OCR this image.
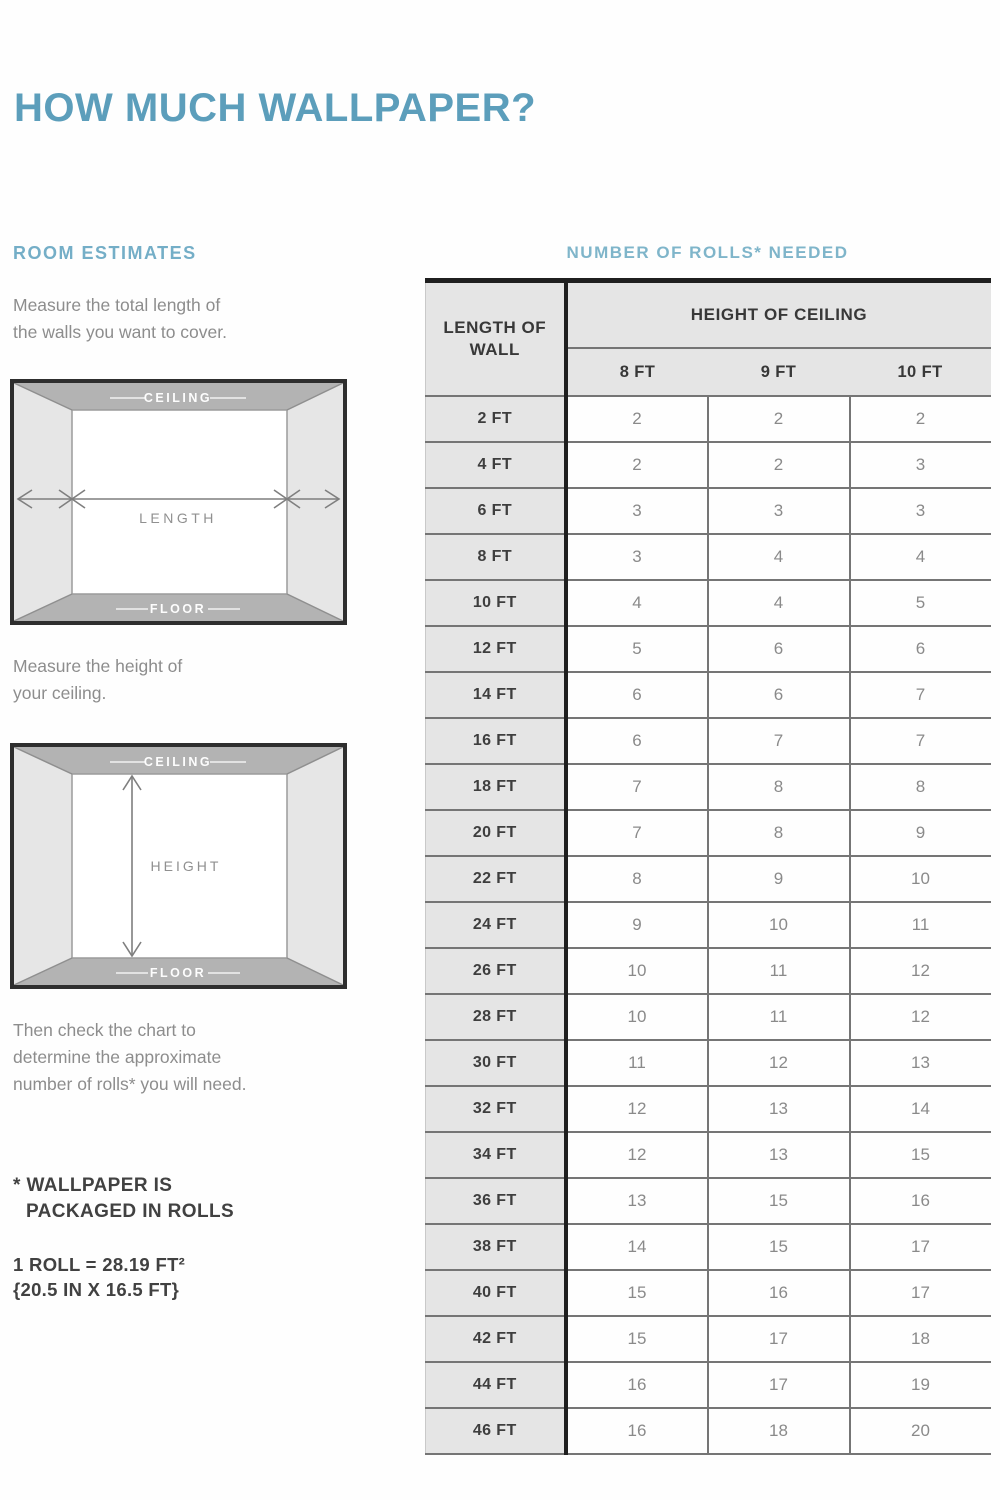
HOW MUCH WALLPAPER?
ROOM ESTIMATES	NUMBER OF ROLLS* NEEDED
Measure the total length of
the walls you want to cover.
CEILING
FLOOR
LENGTH
Measure the height of
your ceiling.
CEILING
FLOOR
HEIGHT
Then check the chart to
determine the approximate
number of rolls* you will need.
* WALLPAPER IS
PACKAGED IN ROLLS
1 ROLL = 28.19 FT²
{20.5 IN X 16.5 FT}
LENGTH OF WALL	HEIGHT OF CEILING		
	8 FT	9 FT	10 FT
2 FT	2	2	2
4 FT	2	2	3
6 FT	3	3	3
8 FT	3	4	4
10 FT	4	4	5
12 FT	5	6	6
14 FT	6	6	7
16 FT	6	7	7
18 FT	7	8	8
20 FT	7	8	9
22 FT	8	9	10
24 FT	9	10	11
26 FT	10	11	12
28 FT	10	11	12
30 FT	11	12	13
32 FT	12	13	14
34 FT	12	13	15
36 FT	13	15	16
38 FT	14	15	17
40 FT	15	16	17
42 FT	15	17	18
44 FT	16	17	19
46 FT	16	18	20
